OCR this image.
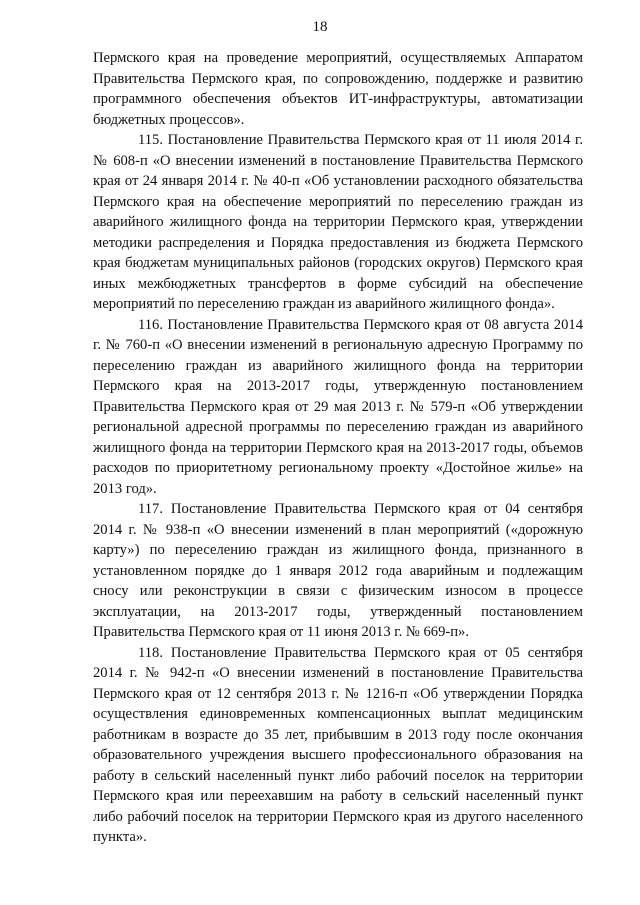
18

Пермского края на проведение мероприятий, осуществляемых Аппаратом Правительства Пермского края, по сопровождению, поддержке и развитию программного обеспечения объектов ИТ-инфраструктуры, автоматизации бюджетных процессов».

115. Постановление Правительства Пермского края от 11 июля 2014 г. № 608-п «О внесении изменений в постановление Правительства Пермского края от 24 января 2014 г. № 40-п «Об установлении расходного обязательства Пермского края на обеспечение мероприятий по переселению граждан из аварийного жилищного фонда на территории Пермского края, утверждении методики распределения и Порядка предоставления из бюджета Пермского края бюджетам муниципальных районов (городских округов) Пермского края иных межбюджетных трансфертов в форме субсидий на обеспечение мероприятий по переселению граждан из аварийного жилищного фонда».

116. Постановление Правительства Пермского края от 08 августа 2014 г. № 760-п «О внесении изменений в региональную адресную Программу по переселению граждан из аварийного жилищного фонда на территории Пермского края на 2013-2017 годы, утвержденную постановлением Правительства Пермского края от 29 мая 2013 г. № 579-п «Об утверждении региональной адресной программы по переселению граждан из аварийного жилищного фонда на территории Пермского края на 2013-2017 годы, объемов расходов по приоритетному региональному проекту «Достойное жилье» на 2013 год».

117. Постановление Правительства Пермского края от 04 сентября 2014 г. № 938-п «О внесении изменений в план мероприятий («дорожную карту») по переселению граждан из жилищного фонда, признанного в установленном порядке до 1 января 2012 года аварийным и подлежащим сносу или реконструкции в связи с физическим износом в процессе эксплуатации, на 2013-2017 годы, утвержденный постановлением Правительства Пермского края от 11 июня 2013 г. № 669-п».

118. Постановление Правительства Пермского края от 05 сентября 2014 г. № 942-п «О внесении изменений в постановление Правительства Пермского края от 12 сентября 2013 г. № 1216-п «Об утверждении Порядка осуществления единовременных компенсационных выплат медицинским работникам в возрасте до 35 лет, прибывшим в 2013 году после окончания образовательного учреждения высшего профессионального образования на работу в сельский населенный пункт либо рабочий поселок на территории Пермского края или переехавшим на работу в сельский населенный пункт либо рабочий поселок на территории Пермского края из другого населенного пункта».
